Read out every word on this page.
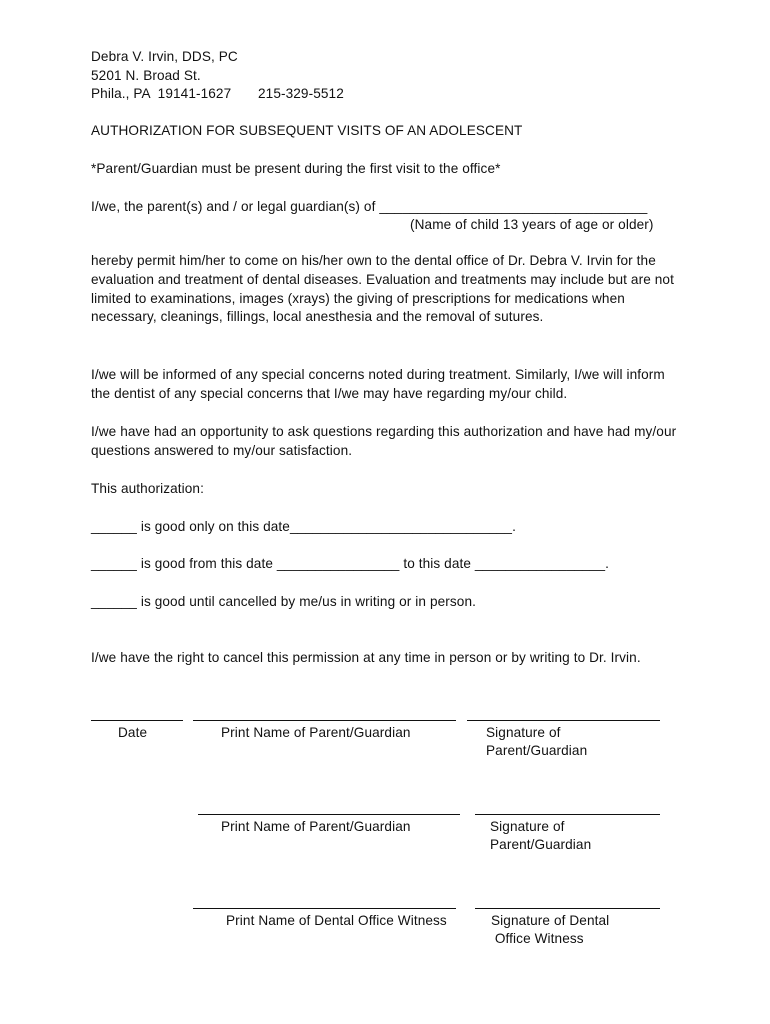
Debra V. Irvin, DDS, PC
5201 N. Broad St.
Phila., PA  19141-1627 215-329-5512
AUTHORIZATION FOR SUBSEQUENT VISITS OF AN ADOLESCENT
*Parent/Guardian must be present during the first visit to the office*
I/we, the parent(s) and / or legal guardian(s) of ___________________________________
(Name of child 13 years of age or older)
hereby permit him/her to come on his/her own to the dental office of Dr. Debra V. Irvin for the evaluation and treatment of dental diseases. Evaluation and treatments may include but are not limited to examinations, images (xrays) the giving of prescriptions for medications when necessary, cleanings, fillings, local anesthesia and the removal of sutures.
I/we will be informed of any special concerns noted during treatment. Similarly, I/we will inform the dentist of any special concerns that I/we may have regarding my/our child.
I/we have had an opportunity to ask questions regarding this authorization and have had my/our questions answered to my/our satisfaction.
This authorization:
______ is good only on this date_____________________________.
______ is good from this date ________________ to this date _________________.
______ is good until cancelled by me/us in writing or in person.
I/we have the right to cancel this permission at any time in person or by writing to Dr. Irvin.
Date	Print Name of Parent/Guardian	Signature of
Parent/Guardian
Print Name of Parent/Guardian	Signature of
Parent/Guardian
Print Name of Dental Office Witness	Signature of Dental
Office Witness
